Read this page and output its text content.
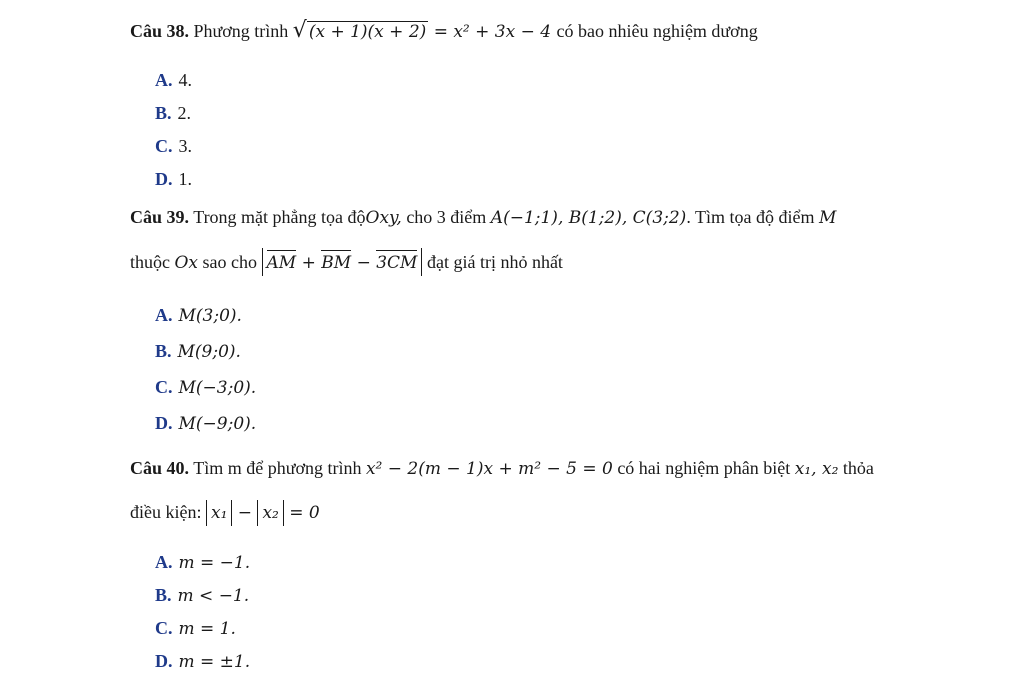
Câu 38. Phương trình √ (x + 1)(x + 2) = x² + 3x − 4 có bao nhiêu nghiệm dương
A. 4.
B. 2.
C. 3.
D. 1.
Câu 39. Trong mặt phẳng tọa độOxy, cho 3 điểm A(−1;1), B(1;2), C(3;2). Tìm tọa độ điểm M
thuộc Ox sao cho AM + BM − 3CM đạt giá trị nhỏ nhất
A. M(3;0).
B. M(9;0).
C. M(−3;0).
D. M(−9;0).
Câu 40. Tìm m để phương trình x² − 2(m − 1)x + m² − 5 = 0 có hai nghiệm phân biệt x₁, x₂ thỏa
điều kiện: x₁ − x₂ = 0
A. m = −1.
B. m < −1.
C. m = 1.
D. m = ±1.
